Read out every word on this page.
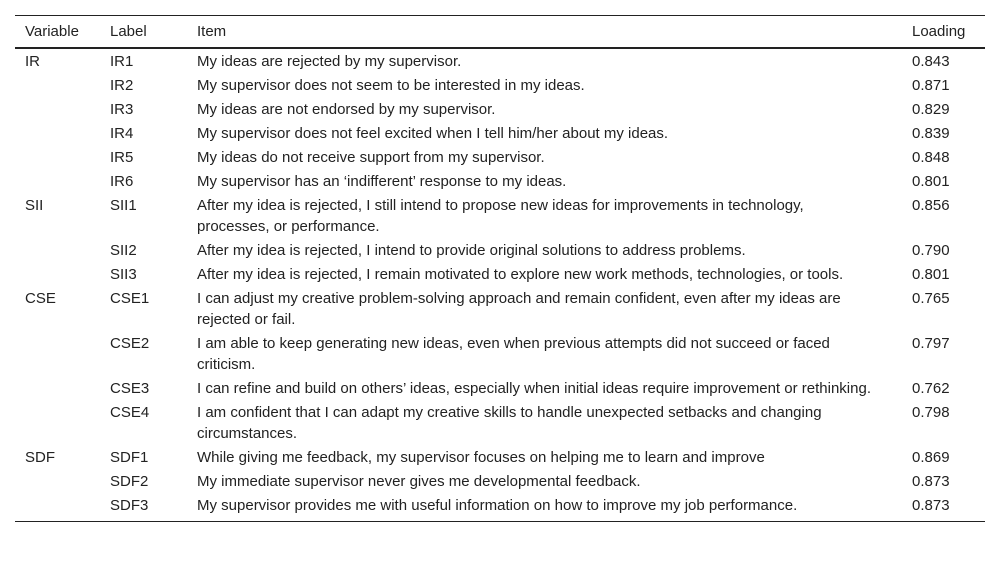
Variable	Label	Item	Loading
IR	IR1	My ideas are rejected by my supervisor.	0.843
	IR2	My supervisor does not seem to be interested in my ideas.	0.871
	IR3	My ideas are not endorsed by my supervisor.	0.829
	IR4	My supervisor does not feel excited when I tell him/her about my ideas.	0.839
	IR5	My ideas do not receive support from my supervisor.	0.848
	IR6	My supervisor has an ‘indifferent’ response to my ideas.	0.801
SII	SII1	After my idea is rejected, I still intend to propose new ideas for improvements in technology, processes, or performance.	0.856
	SII2	After my idea is rejected, I intend to provide original solutions to address problems.	0.790
	SII3	After my idea is rejected, I remain motivated to explore new work methods, technologies, or tools.	0.801
CSE	CSE1	I can adjust my creative problem-solving approach and remain confident, even after my ideas are rejected or fail.	0.765
	CSE2	I am able to keep generating new ideas, even when previous attempts did not succeed or faced criticism.	0.797
	CSE3	I can refine and build on others’ ideas, especially when initial ideas require improvement or rethinking.	0.762
	CSE4	I am confident that I can adapt my creative skills to handle unexpected setbacks and changing circumstances.	0.798
SDF	SDF1	While giving me feedback, my supervisor focuses on helping me to learn and improve	0.869
	SDF2	My immediate supervisor never gives me developmental feedback.	0.873
	SDF3	My supervisor provides me with useful information on how to improve my job performance.	0.873
